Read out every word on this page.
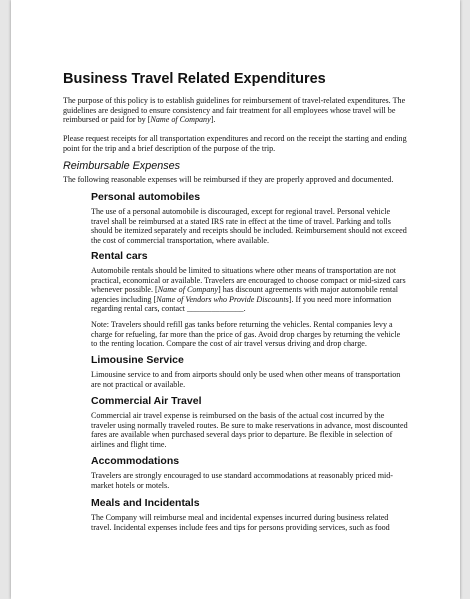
Business Travel Related Expenditures
The purpose of this policy is to establish guidelines for reimbursement of travel-related expenditures. The
guidelines are designed to ensure consistency and fair treatment for all employees whose travel will be
reimbursed or paid for by [Name of Company].
Please request receipts for all transportation expenditures and record on the receipt the starting and ending
point for the trip and a brief description of the purpose of the trip.
Reimbursable Expenses
The following reasonable expenses will be reimbursed if they are properly approved and documented.
Personal automobiles
The use of a personal automobile is discouraged, except for regional travel. Personal vehicle
travel shall be reimbursed at a stated IRS rate in effect at the time of travel. Parking and tolls
should be itemized separately and receipts should be included. Reimbursement should not exceed
the cost of commercial transportation, where available.
Rental cars
Automobile rentals should be limited to situations where other means of transportation are not
practical, economical or available. Travelers are encouraged to choose compact or mid-sized cars
whenever possible. [Name of Company] has discount agreements with major automobile rental
agencies including [Name of Vendors who Provide Discounts]. If you need more information
regarding rental cars, contact ______________.
Note: Travelers should refill gas tanks before returning the vehicles. Rental companies levy a
charge for refueling, far more than the price of gas. Avoid drop charges by returning the vehicle
to the renting location. Compare the cost of air travel versus driving and drop charge.
Limousine Service
Limousine service to and from airports should only be used when other means of transportation
are not practical or available.
Commercial Air Travel
Commercial air travel expense is reimbursed on the basis of the actual cost incurred by the
traveler using normally traveled routes. Be sure to make reservations in advance, most discounted
fares are available when purchased several days prior to departure. Be flexible in selection of
airlines and flight time.
Accommodations
Travelers are strongly encouraged to use standard accommodations at reasonably priced mid-
market hotels or motels.
Meals and Incidentals
The Company will reimburse meal and incidental expenses incurred during business related
travel. Incidental expenses include fees and tips for persons providing services, such as food
